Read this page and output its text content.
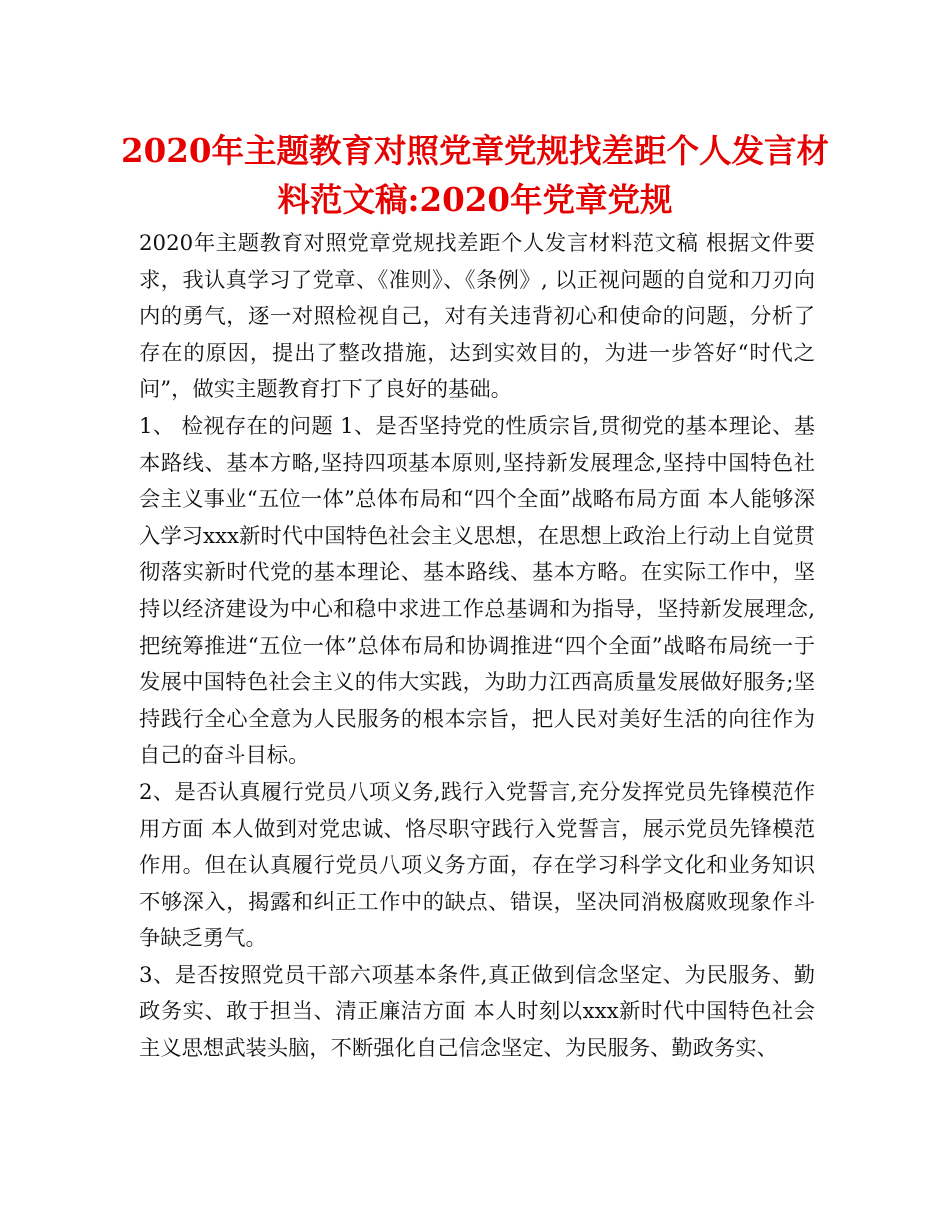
2020年主题教育对照党章党规找差距个人发言材料范文稿:2020年党章党规

2020年主题教育对照党章党规找差距个人发言材料范文稿 根据文件要求，我认真学习了党章、《准则》、《条例》, 以正视问题的自觉和刀刃向内的勇气，逐一对照检视自己，对有关违背初心和使命的问题，分析了存在的原因，提出了整改措施，达到实效目的，为进一步答好“时代之问”，做实主题教育打下了良好的基础。

1、 检视存在的问题 1、是否坚持党的性质宗旨,贯彻党的基本理论、基本路线、基本方略,坚持四项基本原则,坚持新发展理念,坚持中国特色社会主义事业“五位一体”总体布局和“四个全面”战略布局方面 本人能够深入学习xxx新时代中国特色社会主义思想，在思想上政治上行动上自觉贯彻落实新时代党的基本理论、基本路线、基本方略。在实际工作中，坚持以经济建设为中心和稳中求进工作总基调和为指导，坚持新发展理念, 把统筹推进“五位一体”总体布局和协调推进“四个全面”战略布局统一于发展中国特色社会主义的伟大实践，为助力江西高质量发展做好服务;坚持践行全心全意为人民服务的根本宗旨，把人民对美好生活的向往作为自己的奋斗目标。

2、是否认真履行党员八项义务,践行入党誓言,充分发挥党员先锋模范作用方面 本人做到对党忠诚、恪尽职守践行入党誓言，展示党员先锋模范作用。但在认真履行党员八项义务方面，存在学习科学文化和业务知识不够深入，揭露和纠正工作中的缺点、错误，坚决同消极腐败现象作斗争缺乏勇气。

3、是否按照党员干部六项基本条件,真正做到信念坚定、为民服务、勤政务实、敢于担当、清正廉洁方面 本人时刻以xxx新时代中国特色社会主义思想武装头脑，不断强化自己信念坚定、为民服务、勤政务实、
